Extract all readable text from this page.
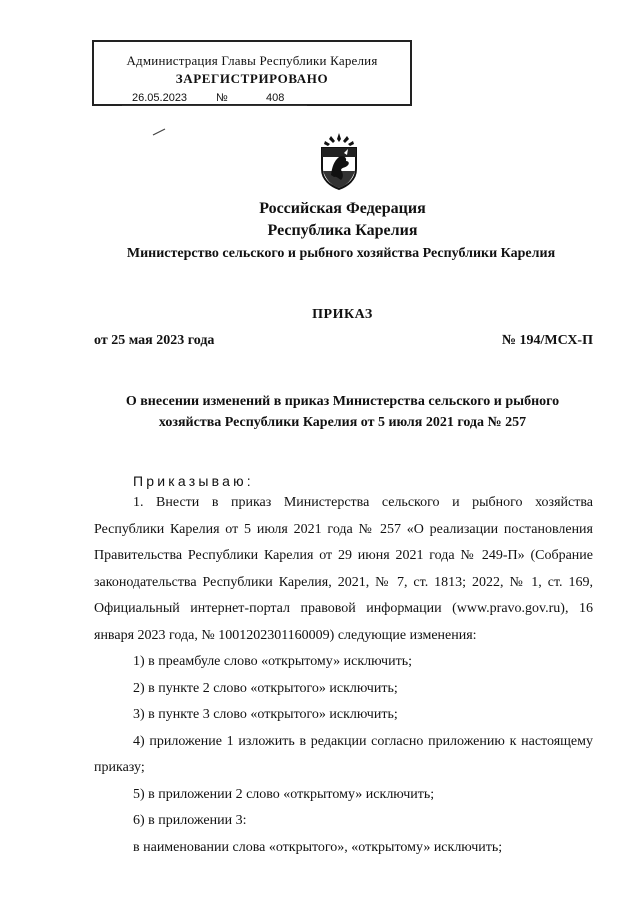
Администрация Главы Республики Карелия
ЗАРЕГИСТРИРОВАНО
26.05.2023	№	408
Российская Федерация
Республика Карелия
Министерство сельского и рыбного хозяйства Республики Карелия
ПРИКАЗ
от 25 мая 2023 года	№ 194/МСХ-П
О внесении изменений в приказ Министерства сельского и рыбного хозяйства Республики Карелия от 5 июля 2021 года № 257
Приказываю:

1. Внести в приказ Министерства сельского и рыбного хозяйства Республики Карелия от 5 июля 2021 года № 257 «О реализации постановления Правительства Республики Карелия от 29 июня 2021 года № 249-П» (Собрание законодательства Республики Карелия, 2021, № 7, ст. 1813; 2022, № 1, ст. 169, Официальный интернет-портал правовой информации (www.pravo.gov.ru), 16 января 2023 года, № 1001202301160009) следующие изменения:

1) в преамбуле слово «открытому» исключить;

2) в пункте 2 слово «открытого» исключить;

3) в пункте 3 слово «открытого» исключить;

4) приложение 1 изложить в редакции согласно приложению к настоящему приказу;

5) в приложении 2 слово «открытому» исключить;

6) в приложении 3:

в наименовании слова «открытого», «открытому» исключить;
